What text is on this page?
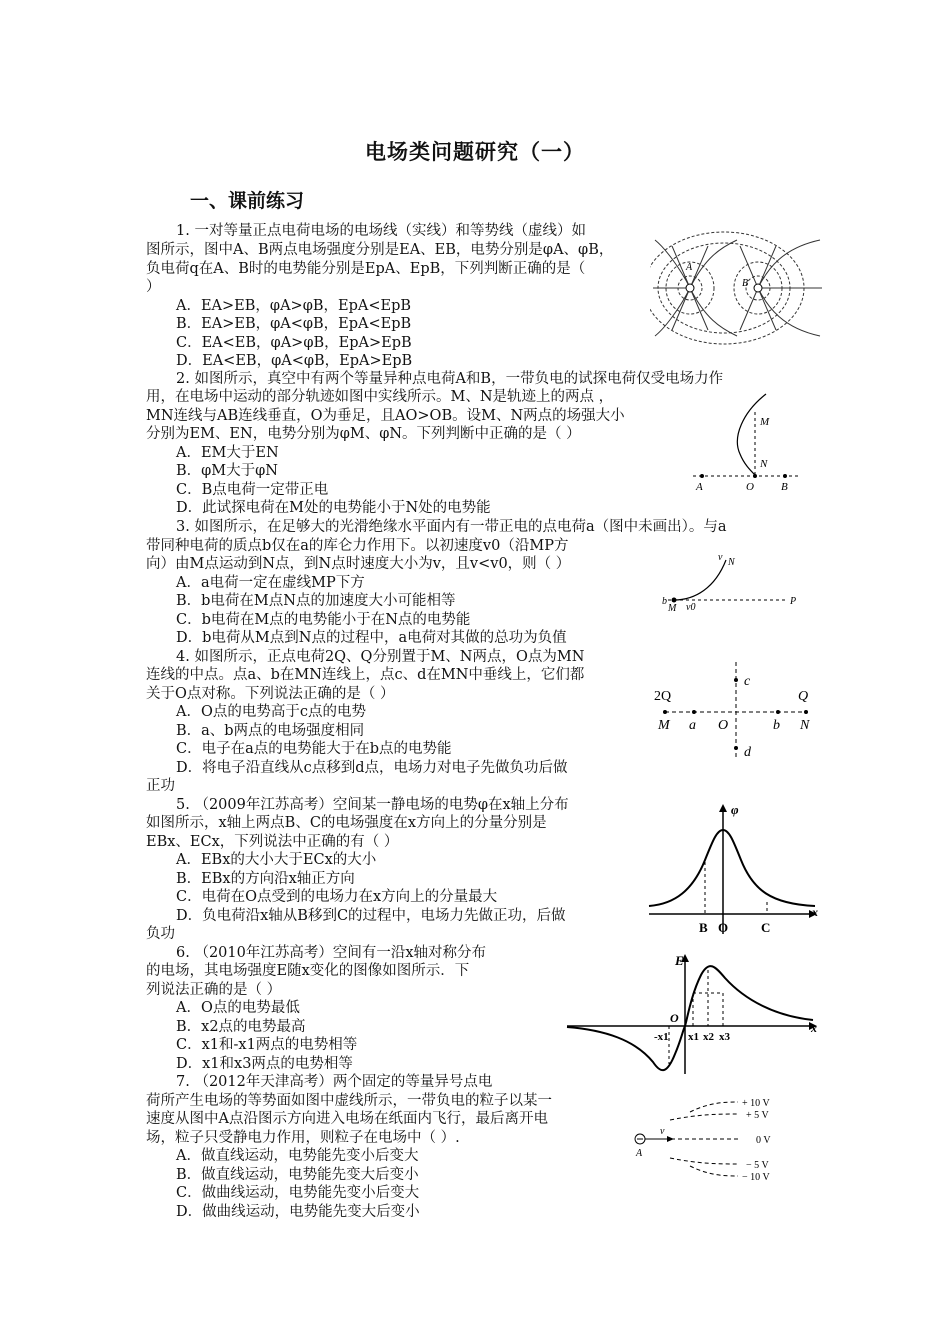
电场类问题研究（一）
一、课前练习
1. 一对等量正点电荷电场的电场线（实线）和等势线（虚线）如
图所示，图中A、B两点电场强度分别是EA、EB，电势分别是φA、φB，
负电荷q在A、B时的电势能分别是EpA、EpB，下列判断正确的是（
）
A．EA>EB，φA>φB，EpA<EpB
B．EA>EB，φA<φB，EpA<EpB
C．EA<EB，φA>φB，EpA>EpB
D．EA<EB，φA<φB，EpA>EpB
A
B
2. 如图所示，真空中有两个等量异种点电荷A和B，一带负电的试探电荷仅受电场力作
用，在电场中运动的部分轨迹如图中实线所示。M、N是轨迹上的两点 ，
MN连线与AB连线垂直，O为垂足，且AO>OB。设M、N两点的场强大小
分别为EM、EN，电势分别为φM、φN。下列判断中正确的是（ ）
A．EM大于EN
B．φM大于φN
C．B点电荷一定带正电
D．此试探电荷在M处的电势能小于N处的电势能
M
N
A	O B
3. 如图所示，在足够大的光滑绝缘水平面内有一带正电的点电荷a（图中未画出）。与a
带同种电荷的质点b仅在a的库仑力作用下。以初速度v0（沿MP方
向）由M点运动到N点，到N点时速度大小为v，且v<v0，则（ ）
A．a电荷一定在虚线MP下方
B．b电荷在M点N点的加速度大小可能相等
C．b电荷在M点的电势能小于在N点的电势能
D．b电荷从M点到N点的过程中，a电荷对其做的总功为负值
v N
b
M v0
P
4. 如图所示，正点电荷2Q、Q分别置于M、N两点，O点为MN
连线的中点。点a、b在MN连线上，点c、d在MN中垂线上，它们都
关于O点对称。下列说法正确的是（ ）
A．O点的电势高于c点的电势
B．a、b两点的电场强度相同
C．电子在a点的电势能大于在b点的电势能
D．将电子沿直线从c点移到d点，电场力对电子先做负功后做
正功
c
2Q	Q
M a O	b N
d
5. （2009年江苏高考）空间某一静电场的电势φ在x轴上分布
如图所示，x轴上两点B、C的电场强度在x方向上的分量分别是
EBx、ECx，下列说法中正确的有（ ）
A．EBx的大小大于ECx的大小
B．EBx的方向沿x轴正方向
C．电荷在O点受到的电场力在x方向上的分量最大
D．负电荷沿x轴从B移到C的过程中，电场力先做正功，后做
负功
φ
x
B O	C
6. （2010年江苏高考）空间有一沿x轴对称分布
的电场，其电场强度E随x变化的图像如图所示．下
列说法正确的是（ ）
A．O点的电势最低
B．x2点的电势最高
C．x1和-x1两点的电势相等
D．x1和x3两点的电势相等
E
O
x
-x1 x1 x2 x3
7. （2012年天津高考）两个固定的等量异号点电
荷所产生电场的等势面如图中虚线所示，一带负电的粒子以某一
速度从图中A点沿图示方向进入电场在纸面内飞行，最后离开电
场，粒子只受静电力作用，则粒子在电场中（ ）.
A．做直线运动，电势能先变小后变大
B．做直线运动，电势能先变大后变小
C．做曲线运动，电势能先变小后变大
D．做曲线运动，电势能先变大后变小
+ 10 V
+ 5 V
0 V
− 5 V
− 10 V
v
A
